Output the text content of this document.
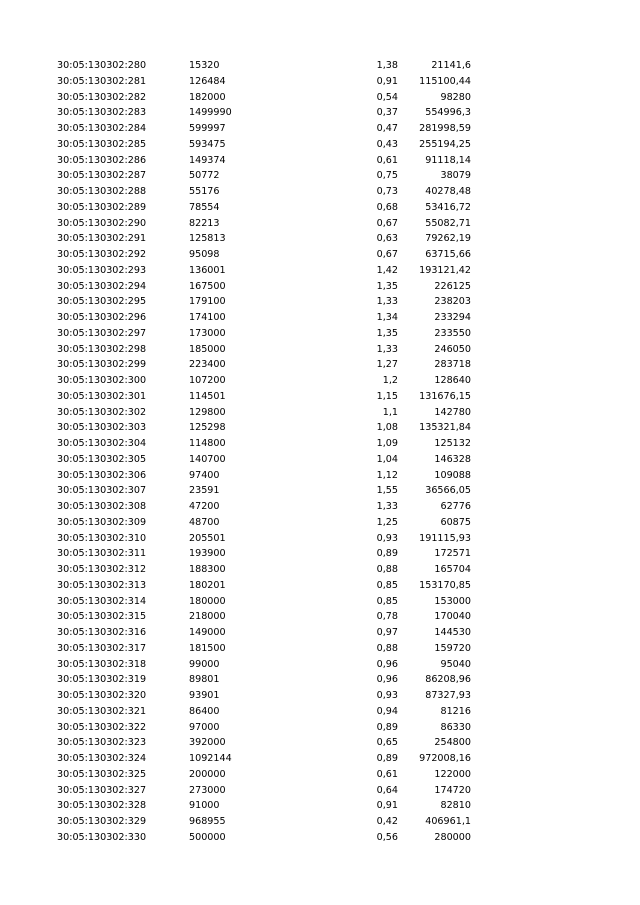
30:05:130302:280	15320	1,38	21141,6
30:05:130302:281	126484	0,91	115100,44
30:05:130302:282	182000	0,54	98280
30:05:130302:283	1499990	0,37	554996,3
30:05:130302:284	599997	0,47	281998,59
30:05:130302:285	593475	0,43	255194,25
30:05:130302:286	149374	0,61	91118,14
30:05:130302:287	50772	0,75	38079
30:05:130302:288	55176	0,73	40278,48
30:05:130302:289	78554	0,68	53416,72
30:05:130302:290	82213	0,67	55082,71
30:05:130302:291	125813	0,63	79262,19
30:05:130302:292	95098	0,67	63715,66
30:05:130302:293	136001	1,42	193121,42
30:05:130302:294	167500	1,35	226125
30:05:130302:295	179100	1,33	238203
30:05:130302:296	174100	1,34	233294
30:05:130302:297	173000	1,35	233550
30:05:130302:298	185000	1,33	246050
30:05:130302:299	223400	1,27	283718
30:05:130302:300	107200	1,2	128640
30:05:130302:301	114501	1,15	131676,15
30:05:130302:302	129800	1,1	142780
30:05:130302:303	125298	1,08	135321,84
30:05:130302:304	114800	1,09	125132
30:05:130302:305	140700	1,04	146328
30:05:130302:306	97400	1,12	109088
30:05:130302:307	23591	1,55	36566,05
30:05:130302:308	47200	1,33	62776
30:05:130302:309	48700	1,25	60875
30:05:130302:310	205501	0,93	191115,93
30:05:130302:311	193900	0,89	172571
30:05:130302:312	188300	0,88	165704
30:05:130302:313	180201	0,85	153170,85
30:05:130302:314	180000	0,85	153000
30:05:130302:315	218000	0,78	170040
30:05:130302:316	149000	0,97	144530
30:05:130302:317	181500	0,88	159720
30:05:130302:318	99000	0,96	95040
30:05:130302:319	89801	0,96	86208,96
30:05:130302:320	93901	0,93	87327,93
30:05:130302:321	86400	0,94	81216
30:05:130302:322	97000	0,89	86330
30:05:130302:323	392000	0,65	254800
30:05:130302:324	1092144	0,89	972008,16
30:05:130302:325	200000	0,61	122000
30:05:130302:327	273000	0,64	174720
30:05:130302:328	91000	0,91	82810
30:05:130302:329	968955	0,42	406961,1
30:05:130302:330	500000	0,56	280000
